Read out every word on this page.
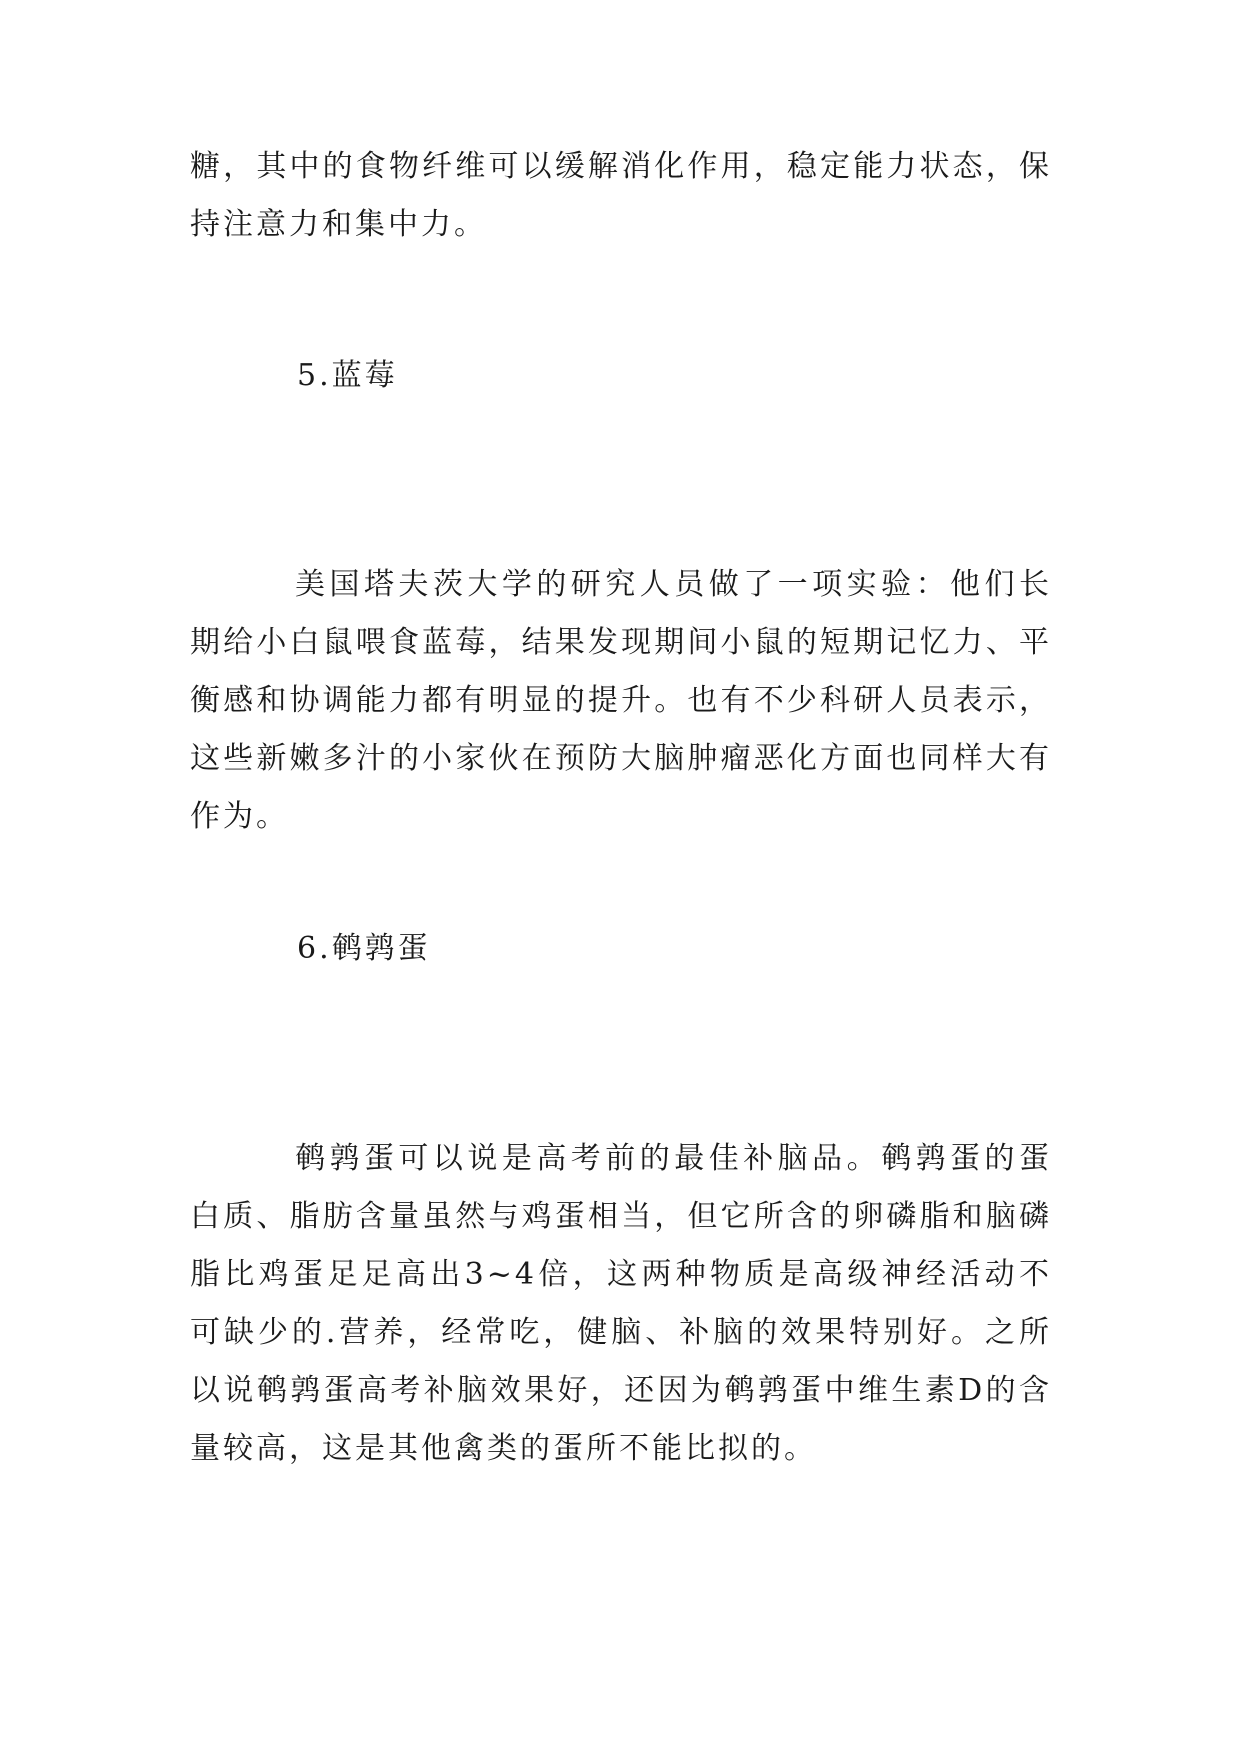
糖，其中的食物纤维可以缓解消化作用，稳定能力状态，保持注意力和集中力。

5.蓝莓

美国塔夫茨大学的研究人员做了一项实验：他们长期给小白鼠喂食蓝莓，结果发现期间小鼠的短期记忆力、平衡感和协调能力都有明显的提升。也有不少科研人员表示，这些新嫩多汁的小家伙在预防大脑肿瘤恶化方面也同样大有作为。

6.鹌鹑蛋

鹌鹑蛋可以说是高考前的最佳补脑品。鹌鹑蛋的蛋白质、脂肪含量虽然与鸡蛋相当，但它所含的卵磷脂和脑磷脂比鸡蛋足足高出3~4倍，这两种物质是高级神经活动不可缺少的.营养，经常吃，健脑、补脑的效果特别好。之所以说鹌鹑蛋高考补脑效果好，还因为鹌鹑蛋中维生素D的含量较高，这是其他禽类的蛋所不能比拟的。
